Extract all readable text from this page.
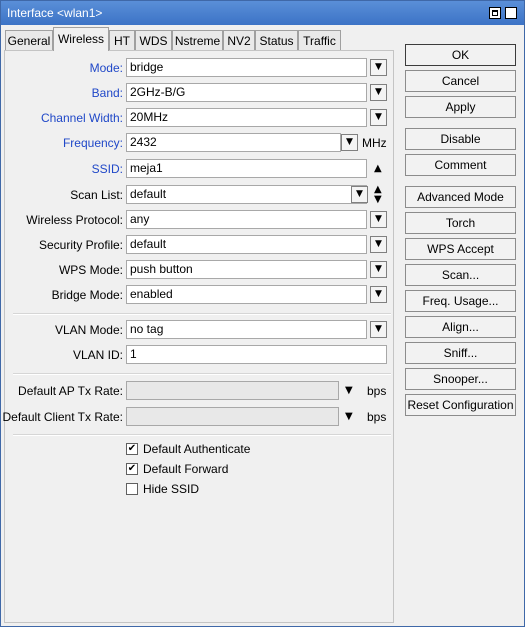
Interface <wlan1>	×
General Wireless HT WDS Nstreme NV2 Status Traffic
Mode: bridge	▼
Band: 2GHz-B/G	▼
Channel Width: 20MHz	▼
Frequency: 2432	▼ MHz
SSID: meja1	▲
Scan List: default	▼	▲
▼
Wireless Protocol: any	▼
Security Profile: default	▼
WPS Mode: push button	▼
Bridge Mode: enabled	▼
VLAN Mode: no tag	▼
VLAN ID: 1
Default AP Tx Rate:	▼ bps
Default Client Tx Rate:	▼ bps
✔ Default Authenticate
✔ Default Forward
Hide SSID
OK
Cancel
Apply
Disable
Comment
Advanced Mode
Torch
WPS Accept
Scan...
Freq. Usage...
Align...
Sniff...
Snooper...
Reset Configuration
